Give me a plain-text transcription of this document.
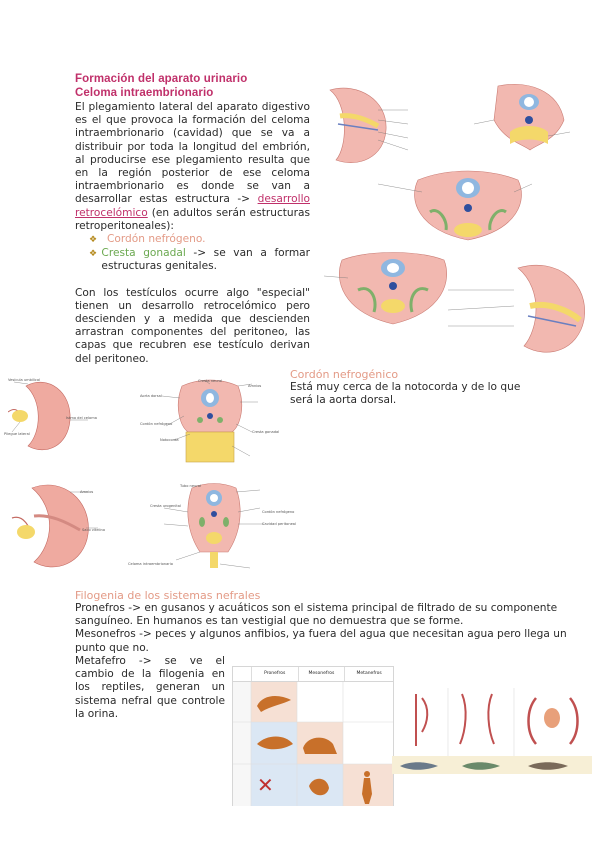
Formación del aparato urinario
Celoma intraembrionario
El plegamiento lateral del aparato digestivo es el que provoca la formación del celoma intraembrionario (cavidad) que se va a distribuir por toda la longitud del embrión, al producirse ese plegamiento resulta que en la región posterior de ese celoma intraembrionario es donde se van a desarrollar estas estructura -> desarrollo retrocelómico (en adultos serán estructuras retroperitoneales):
❖ Cordón nefrógeno.
❖ Cresta gonadal -> se van a formar estructuras genitales.
Con los testículos ocurre algo "especial" tienen un desarrollo retrocelómico pero descienden y a medida que descienden arrastran componentes del peritoneo, las capas que recubren ese testículo derivan del peritoneo.
Vesícula umbilical
Istmo del celoma
Pliegue lateral
Amnios
Saco vitelino
Cresta neural
Amnios
Aorta dorsal
Cordón nefrógeno
Notocorda
Cresta gonadal
Tubo neural
Cresta urogenital
Cordón nefrógeno
Cavidad peritoneal
Celoma intraembrionario
Cordón nefrogénico
Está muy cerca de la notocorda y de lo que será la aorta dorsal.
Filogenia de los sistemas nefrales
Pronefros -> en gusanos y acuáticos son el sistema principal de filtrado de su componente sanguíneo. En humanos es tan vestigial que no demuestra que se forme.
Mesonefros -> peces y algunos anfibios, ya fuera del agua que necesitan agua pero llega un punto que no.
Metafefro -> se ve el cambio de la filogenia en los reptiles, generan un sistema nefral que controle la orina.
Pronefros	Mesonefros	Metanefros
✕
